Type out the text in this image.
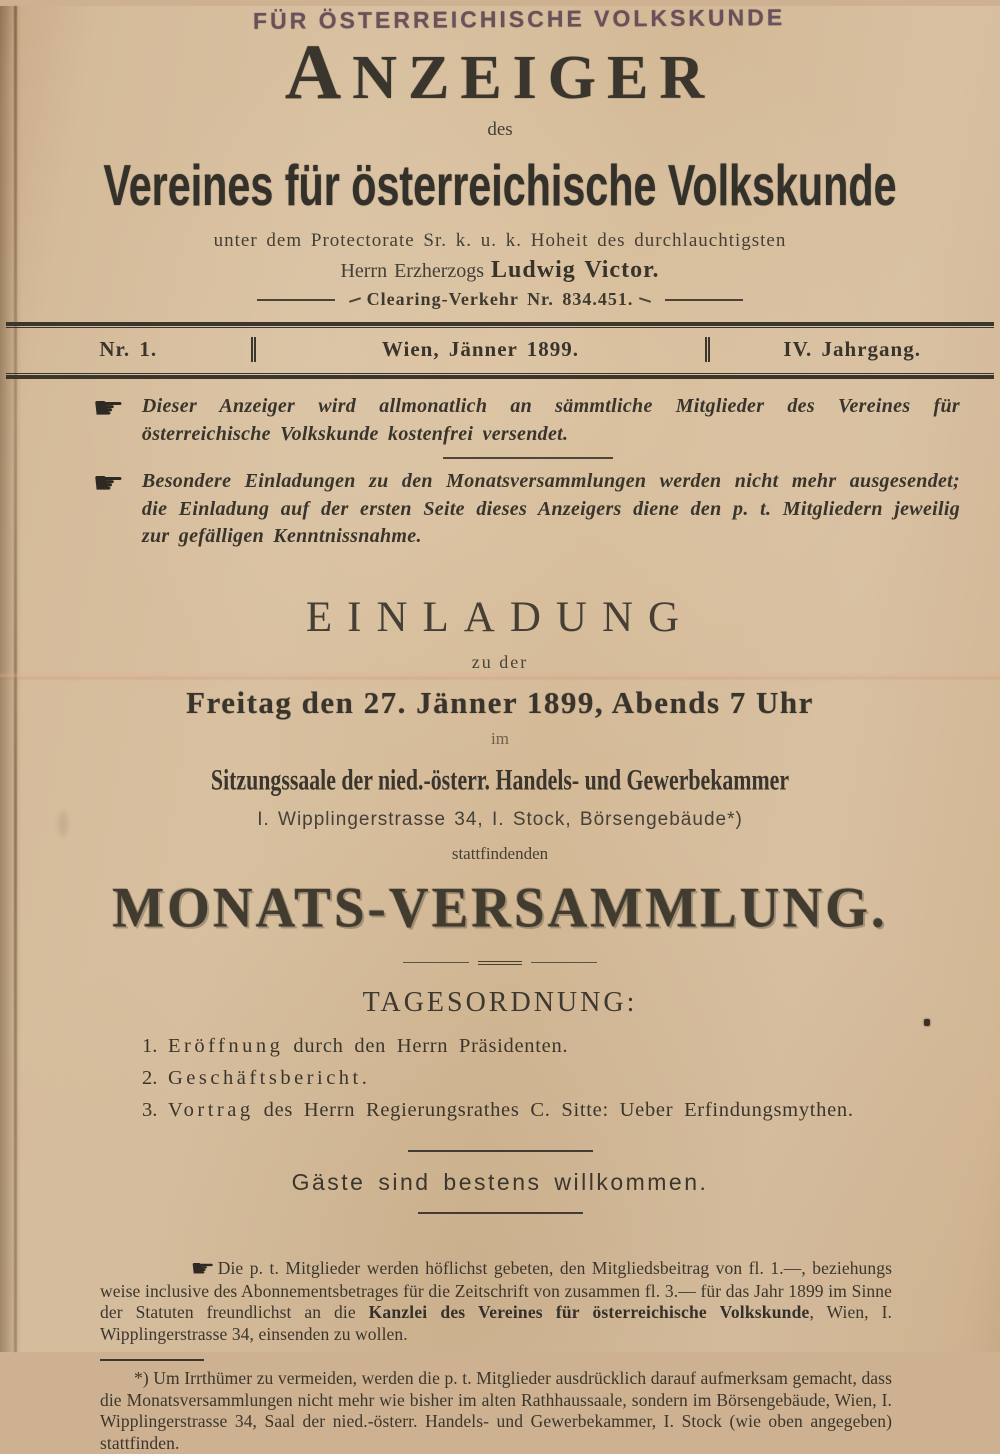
FÜR ÖSTERREICHISCHE VOLKSKUNDE
ANZEIGER
des
Vereines für österreichische Volkskunde
unter dem Protectorate Sr. k. u. k. Hoheit des durchlauchtigsten
Herrn Erzherzogs Ludwig Victor.
Clearing-Verkehr Nr. 834.451.
Nr. 1.	Wien, Jänner 1899.	IV. Jahrgang.
☛ Dieser Anzeiger wird allmonatlich an sämmtliche Mitglieder des Vereines für österreichische Volkskunde kostenfrei versendet.

☛ Besondere Einladungen zu den Monatsversammlungen werden nicht mehr ausgesendet; die Einladung auf der ersten Seite dieses Anzeigers diene den p. t. Mitgliedern jeweilig zur gefälligen Kenntnissnahme.

EINLADUNG
zu der
Freitag den 27. Jänner 1899, Abends 7 Uhr
im
Sitzungssaale der nied.-österr. Handels- und Gewerbekammer
I. Wipplingerstrasse 34, I. Stock, Börsengebäude*)
stattfindenden
MONATS-VERSAMMLUNG.
TAGESORDNUNG:
1. Eröffnung durch den Herrn Präsidenten.
2. Geschäftsbericht.
3. Vortrag des Herrn Regierungsrathes C. Sitte: Ueber Erfindungsmythen.
Gäste sind bestens willkommen.

☛ Die p. t. Mitglieder werden höflichst gebeten, den Mitgliedsbeitrag von fl. 1.—, beziehungs weise inclusive des Abonnementsbetrages für die Zeitschrift von zusammen fl. 3.— für das Jahr 1899 im Sinne der Statuten freundlichst an die Kanzlei des Vereines für österreichische Volkskunde, Wien, I. Wipplingerstrasse 34, einsenden zu wollen.

*) Um Irrthümer zu vermeiden, werden die p. t. Mitglieder ausdrücklich darauf aufmerksam gemacht, dass die Monatsversammlungen nicht mehr wie bisher im alten Rathhaussaale, sondern im Börsengebäude, Wien, I. Wipplingerstrasse 34, Saal der nied.-österr. Handels- und Gewerbekammer, I. Stock (wie oben angegeben) stattfinden.
